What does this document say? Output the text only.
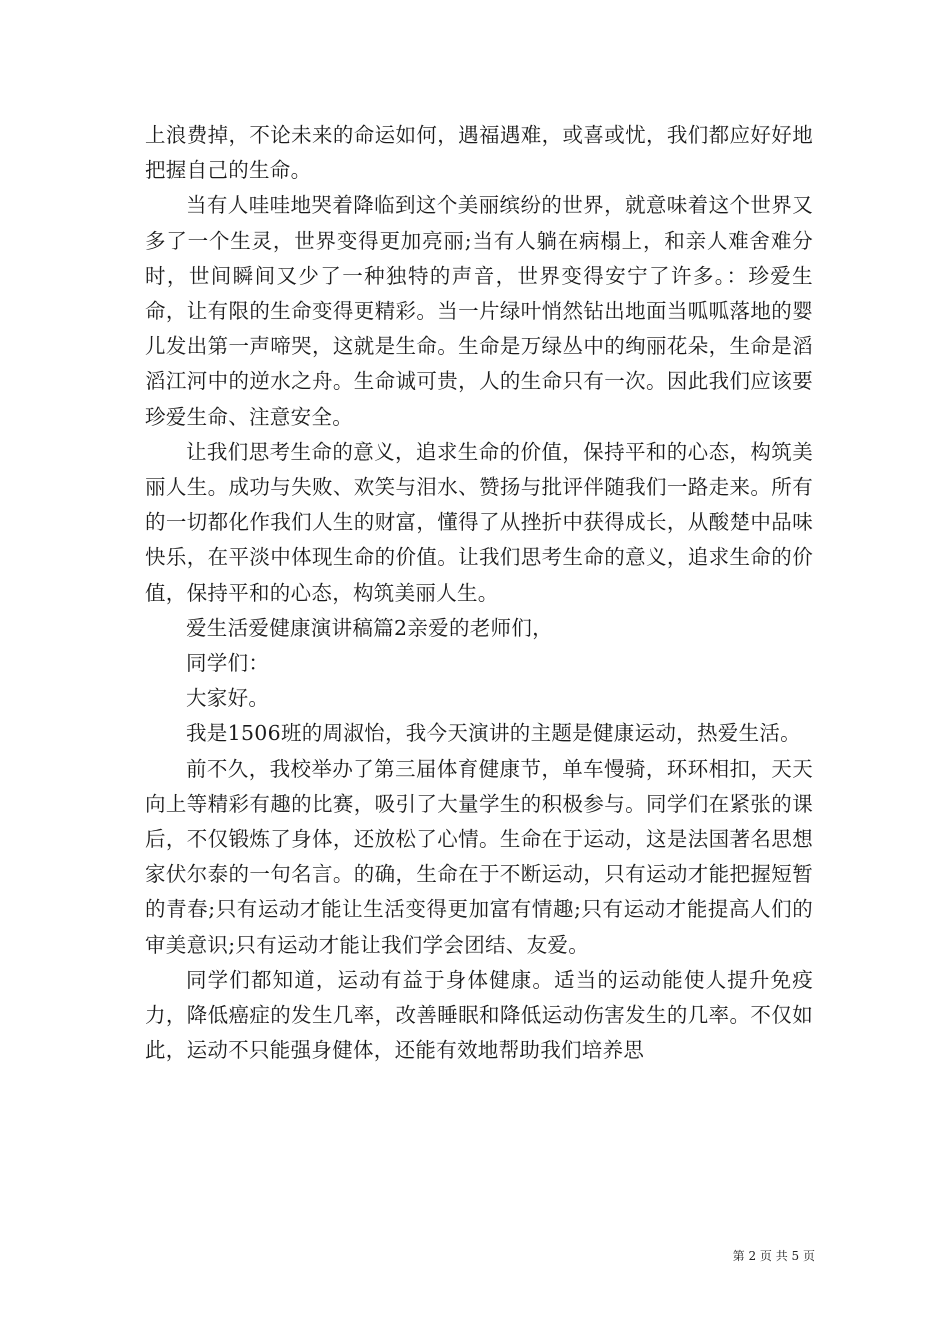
上浪费掉，不论未来的命运如何，遇福遇难，或喜或忧，我们都应好好地把握自己的生命。

当有人哇哇地哭着降临到这个美丽缤纷的世界，就意味着这个世界又多了一个生灵，世界变得更加亮丽;当有人躺在病榻上，和亲人难舍难分时，世间瞬间又少了一种独特的声音，世界变得安宁了许多。：珍爱生命，让有限的生命变得更精彩。当一片绿叶悄然钻出地面当呱呱落地的婴儿发出第一声啼哭，这就是生命。生命是万绿丛中的绚丽花朵，生命是滔滔江河中的逆水之舟。生命诚可贵，人的生命只有一次。因此我们应该要珍爱生命、注意安全。

让我们思考生命的意义，追求生命的价值，保持平和的心态，构筑美丽人生。成功与失败、欢笑与泪水、赞扬与批评伴随我们一路走来。所有的一切都化作我们人生的财富，懂得了从挫折中获得成长，从酸楚中品味快乐，在平淡中体现生命的价值。让我们思考生命的意义，追求生命的价值，保持平和的心态，构筑美丽人生。

爱生活爱健康演讲稿篇2亲爱的老师们，

同学们：

大家好。

我是1506班的周淑怡，我今天演讲的主题是健康运动，热爱生活。

前不久，我校举办了第三届体育健康节，单车慢骑，环环相扣，天天向上等精彩有趣的比赛，吸引了大量学生的积极参与。同学们在紧张的课后，不仅锻炼了身体，还放松了心情。生命在于运动，这是法国著名思想家伏尔泰的一句名言。的确，生命在于不断运动，只有运动才能把握短暂的青春;只有运动才能让生活变得更加富有情趣;只有运动才能提高人们的审美意识;只有运动才能让我们学会团结、友爱。

同学们都知道，运动有益于身体健康。适当的运动能使人提升免疫力，降低癌症的发生几率，改善睡眠和降低运动伤害发生的几率。不仅如此，运动不只能强身健体，还能有效地帮助我们培养思

第 2 页 共 5 页
